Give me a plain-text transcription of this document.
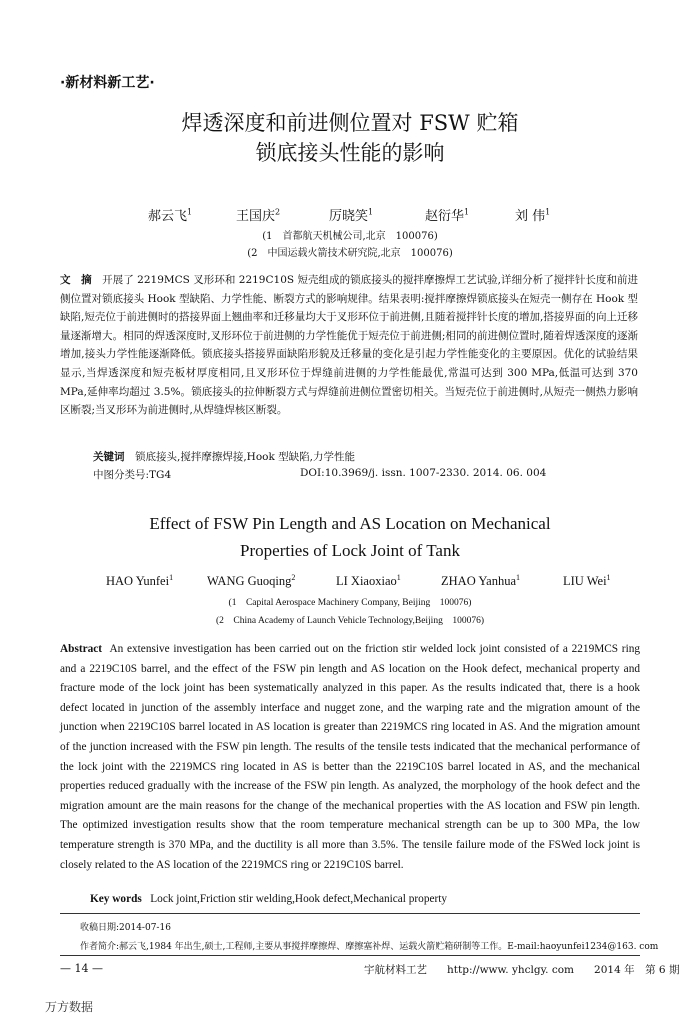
·新材料新工艺·
焊透深度和前进侧位置对 FSW 贮箱
锁底接头性能的影响
郝云飞$^1$	王国庆$^2$	厉晓笑$^1$	赵衍华$^1$	刘 伟$^1$
(1　首都航天机械公司,北京　100076)
(2　中国运载火箭技术研究院,北京　100076)
文　摘　 开展了 2219MCS 叉形环和 2219C10S 短壳组成的锁底接头的搅拌摩擦焊工艺试验,详细分析了搅拌针长度和前进侧位置对锁底接头 Hook 型缺陷、力学性能、断裂方式的影响规律。结果表明:搅拌摩擦焊锁底接头在短壳一侧存在 Hook 型缺陷,短壳位于前进侧时的搭接界面上翘曲率和迁移量均大于叉形环位于前进侧,且随着搅拌针长度的增加,搭接界面的向上迁移量逐渐增大。相同的焊透深度时,叉形环位于前进侧的力学性能优于短壳位于前进侧;相同的前进侧位置时,随着焊透深度的逐渐增加,接头力学性能逐渐降低。锁底接头搭接界面缺陷形貌及迁移量的变化是引起力学性能变化的主要原因。优化的试验结果显示,当焊透深度和短壳板材厚度相同,且叉形环位于焊缝前进侧的力学性能最优,常温可达到 300 MPa,低温可达到 370 MPa,延伸率均超过 3.5%。锁底接头的拉伸断裂方式与焊缝前进侧位置密切相关。当短壳位于前进侧时,从短壳一侧热力影响区断裂;当叉形环为前进侧时,从焊缝焊核区断裂。
关键词　 锁底接头,搅拌摩擦焊接,Hook 型缺陷,力学性能
中图分类号:TG4	DOI:10.3969/j. issn. 1007-2330. 2014. 06. 004
Effect of FSW Pin Length and AS Location on Mechanical
Properties of Lock Joint of Tank
HAO Yunfei$^1$	WANG Guoqing$^2$	LI Xiaoxiao$^1$	ZHAO Yanhua$^1$	LIU Wei$^1$
(1　Capital Aerospace Machinery Company, Beijing　100076)
(2　China Academy of Launch Vehicle Technology,Beijing　100076)
Abstract An extensive investigation has been carried out on the friction stir welded lock joint consisted of a 2219MCS ring and a 2219C10S barrel, and the effect of the FSW pin length and AS location on the Hook defect, mechanical property and fracture mode of the lock joint has been systematically analyzed in this paper. As the results indicated that, there is a hook defect located in junction of the assembly interface and nugget zone, and the warping rate and the migration amount of the junction when 2219C10S barrel located in AS location is greater than 2219MCS ring located in AS. And the migration amount of the junction increased with the FSW pin length. The results of the tensile tests indicated that the mechanical performance of the lock joint with the 2219MCS ring located in AS is better than the 2219C10S barrel located in AS, and the mechanical properties reduced gradually with the increase of the FSW pin length. As analyzed, the morphology of the hook defect and the migration amount are the main reasons for the change of the mechanical properties with the AS location and FSW pin length. The optimized investigation results show that the room temperature mechanical strength can be up to 300 MPa, the low temperature strength is 370 MPa, and the ductility is all more than 3.5%. The tensile failure mode of the FSWed lock joint is closely related to the AS location of the 2219MCS ring or 2219C10S barrel.
Key words Lock joint,Friction stir welding,Hook defect,Mechanical property
收稿日期:2014-07-16
作者简介:郝云飞,1984 年出生,硕士,工程师,主要从事搅拌摩擦焊、摩擦塞补焊、运载火箭贮箱研制等工作。E-mail:haoyunfei1234@163. com
— 14 —	宇航材料工艺 http://www. yhclgy. com 2014 年　第 6 期
万方数据
